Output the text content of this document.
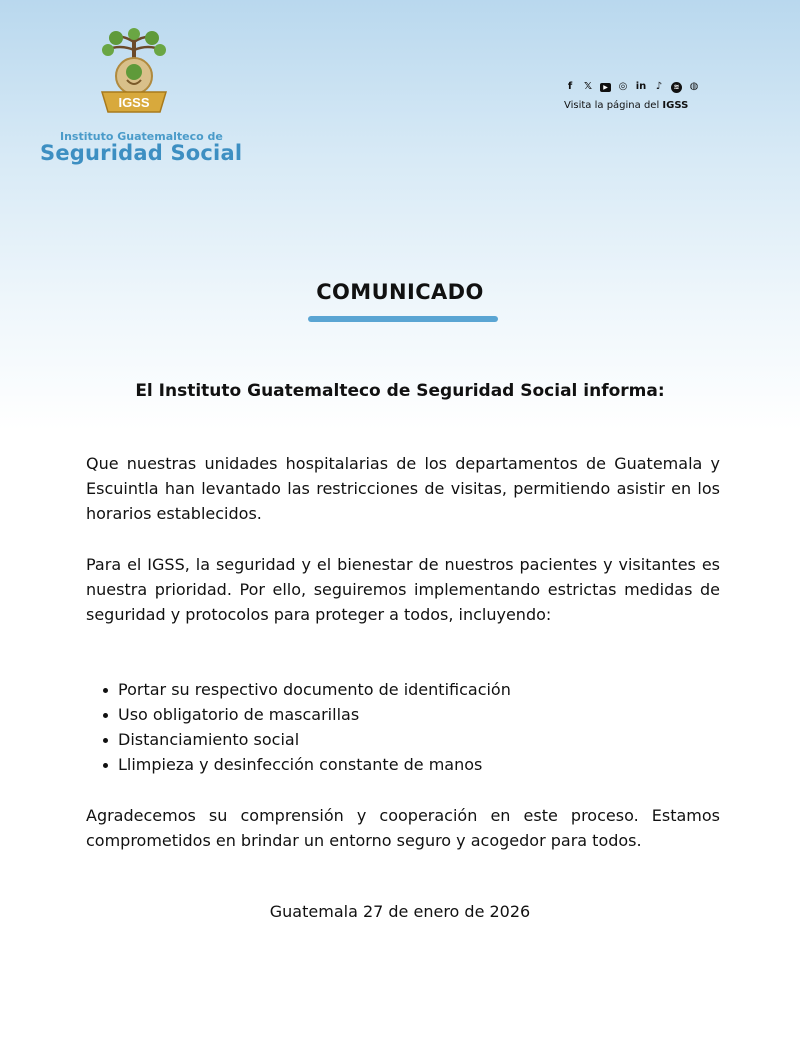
IGSS
Instituto Guatemalteco de
Seguridad Social
f	𝕏	▶	◎ in ♪	≋ ◍
Visita la página del IGSS
COMUNICADO
El Instituto Guatemalteco de Seguridad Social informa:

Que nuestras unidades hospitalarias de los departamentos de Guatemala y Escuintla han levantado las restricciones de visitas, permitiendo asistir en los horarios establecidos.

Para el IGSS, la seguridad y el bienestar de nuestros pacientes y visitantes es nuestra prioridad. Por ello, seguiremos implementando estrictas medidas de seguridad y protocolos para proteger a todos, incluyendo:

Portar su respectivo documento de identificación
Uso obligatorio de mascarillas
Distanciamiento social
Llimpieza y desinfección constante de manos

Agradecemos su comprensión y cooperación en este proceso. Estamos comprometidos en brindar un entorno seguro y acogedor para todos.

Guatemala 27 de enero de 2026
